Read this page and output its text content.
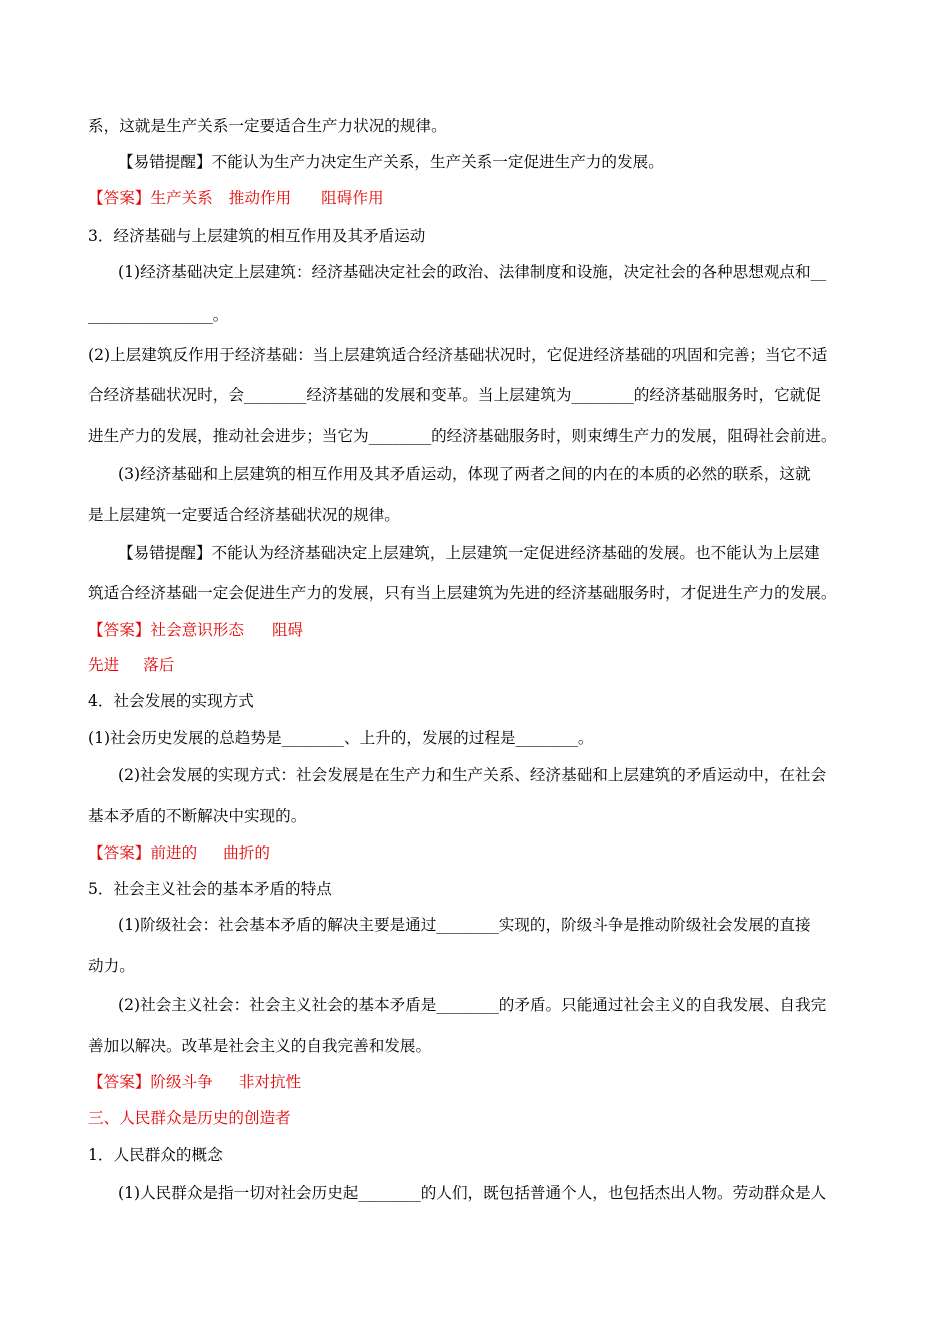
系，这就是生产关系一定要适合生产力状况的规律。
【易错提醒】不能认为生产力决定生产关系，生产关系一定促进生产力的发展。
【答案】生产关系 推动作用 阻碍作用
3．经济基础与上层建筑的相互作用及其矛盾运动
(1)经济基础决定上层建筑：经济基础决定社会的政治、法律制度和设施，决定社会的各种思想观点和__
________________。
(2)上层建筑反作用于经济基础：当上层建筑适合经济基础状况时，它促进经济基础的巩固和完善；当它不适
合经济基础状况时，会________经济基础的发展和变革。当上层建筑为________的经济基础服务时，它就促
进生产力的发展，推动社会进步；当它为________的经济基础服务时，则束缚生产力的发展，阻碍社会前进。
(3)经济基础和上层建筑的相互作用及其矛盾运动，体现了两者之间的内在的本质的必然的联系，这就
是上层建筑一定要适合经济基础状况的规律。
【易错提醒】不能认为经济基础决定上层建筑，上层建筑一定促进经济基础的发展。也不能认为上层建
筑适合经济基础一定会促进生产力的发展，只有当上层建筑为先进的经济基础服务时，才促进生产力的发展。
【答案】社会意识形态 阻碍
先进 落后
4．社会发展的实现方式
(1)社会历史发展的总趋势是________、上升的，发展的过程是________。
(2)社会发展的实现方式：社会发展是在生产力和生产关系、经济基础和上层建筑的矛盾运动中，在社会
基本矛盾的不断解决中实现的。
【答案】前进的 曲折的
5．社会主义社会的基本矛盾的特点
(1)阶级社会：社会基本矛盾的解决主要是通过________实现的，阶级斗争是推动阶级社会发展的直接
动力。
(2)社会主义社会：社会主义社会的基本矛盾是________的矛盾。只能通过社会主义的自我发展、自我完
善加以解决。改革是社会主义的自我完善和发展。
【答案】阶级斗争 非对抗性
三、人民群众是历史的创造者
1．人民群众的概念
(1)人民群众是指一切对社会历史起________的人们，既包括普通个人，也包括杰出人物。劳动群众是人
